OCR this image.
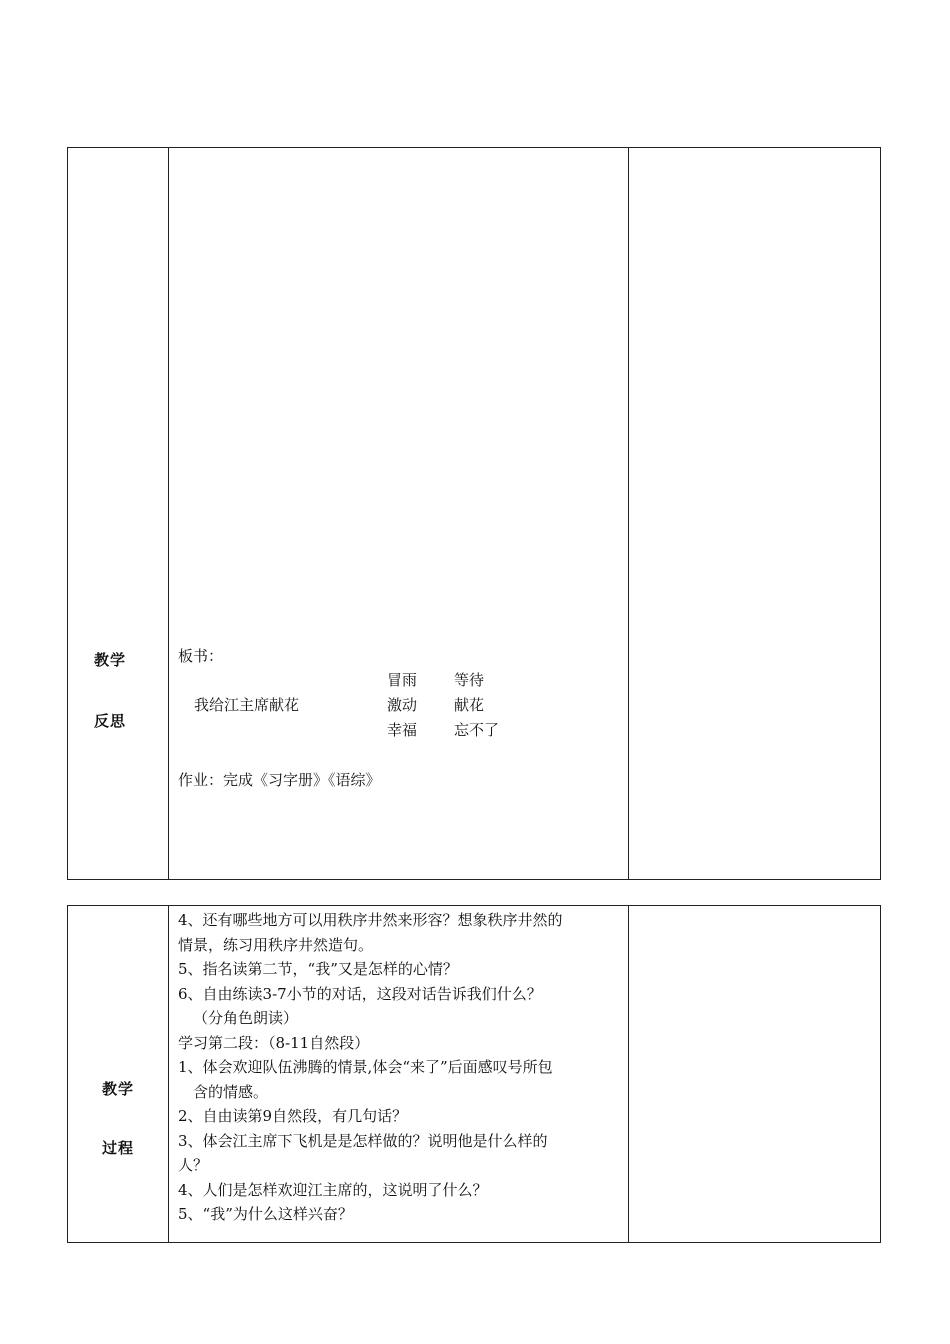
教学
反思
板书：
我给江主席献花
冒雨 等待
激动 献花
幸福 忘不了
作业：完成《习字册》《语综》
教学
过程
4、还有哪些地方可以用秩序井然来形容？想象秩序井然的
情景，练习用秩序井然造句。
5、指名读第二节，“我”又是怎样的心情？
6、自由练读3-7小节的对话，这段对话告诉我们什么？
（分角色朗读）
学习第二段：（8-11自然段）
1、体会欢迎队伍沸腾的情景,体会“来了”后面感叹号所包
含的情感。
2、自由读第9自然段，有几句话？
3、体会江主席下飞机是是怎样做的？说明他是什么样的
人？
4、人们是怎样欢迎江主席的，这说明了什么？
5、“我”为什么这样兴奋？
